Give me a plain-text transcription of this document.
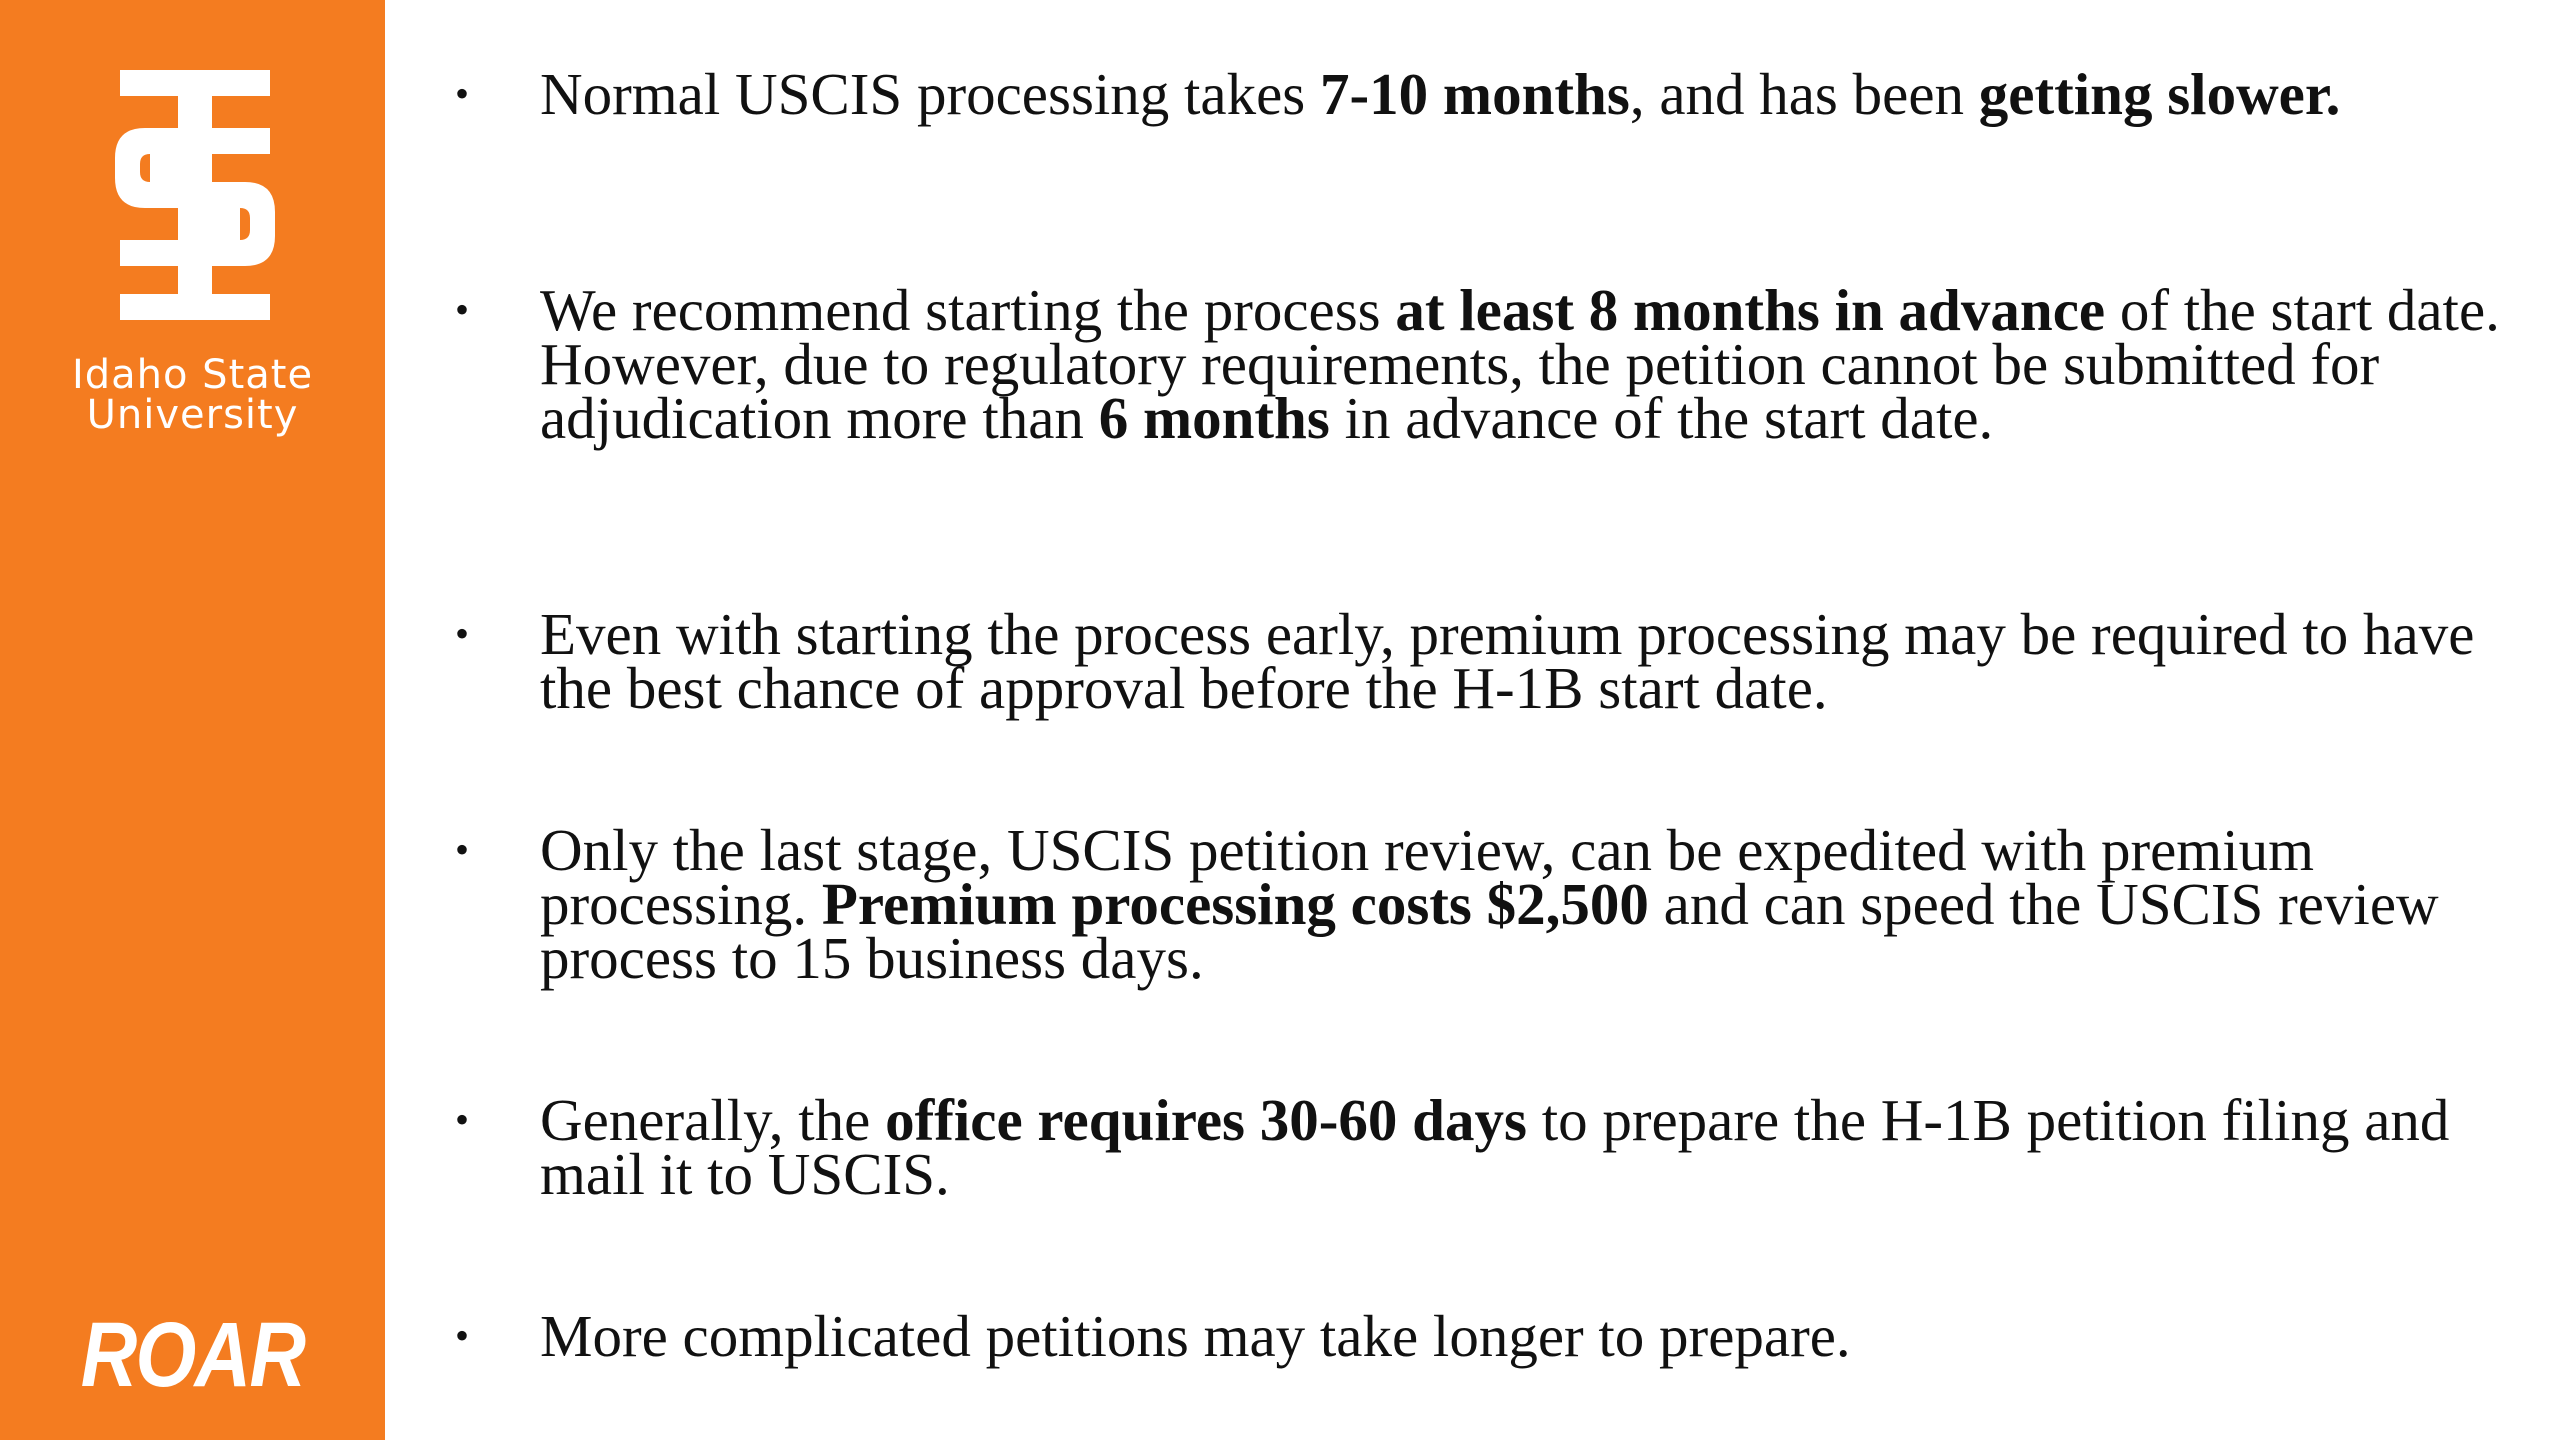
Idaho State
University
ROAR
• Normal USCIS processing takes 7-10 months, and has been getting slower.
• We recommend starting the process at least 8 months in advance of the start date. However, due to regulatory requirements, the petition cannot be submitted for adjudication more than 6 months in advance of the start date.
• Even with starting the process early, premium processing may be required to have the best chance of approval before the H-1B start date.
• Only the last stage, USCIS petition review, can be expedited with premium processing. Premium processing costs $2,500 and can speed the USCIS review process to 15 business days.
• Generally, the office requires 30-60 days to prepare the H-1B petition filing and mail it to USCIS.
• More complicated petitions may take longer to prepare.
